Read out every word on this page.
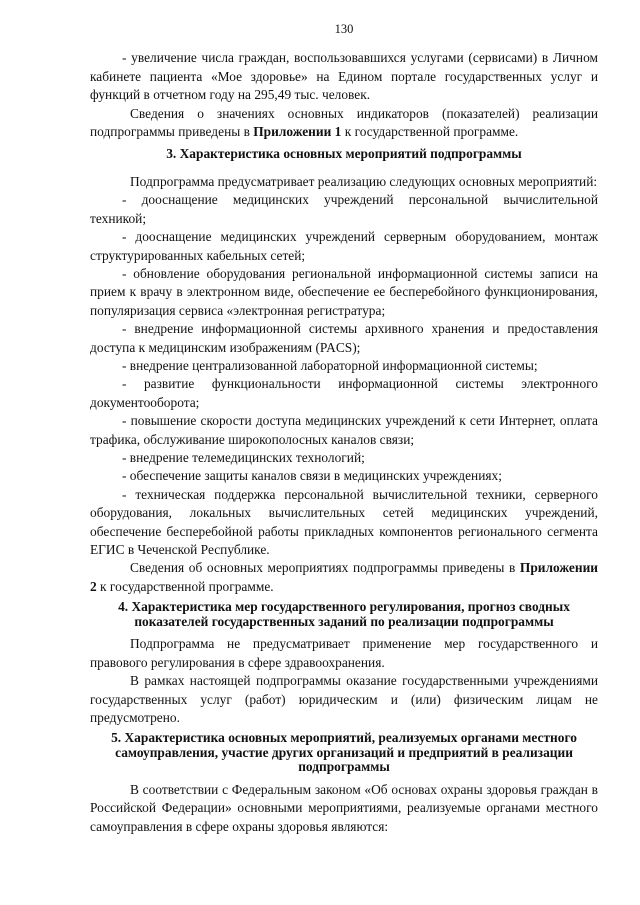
130

- увеличение числа граждан, воспользовавшихся услугами (сервисами) в Личном кабинете пациента «Мое здоровье» на Едином портале государственных услуг и функций в отчетном году на 295,49 тыс. человек.

Сведения о значениях основных индикаторов (показателей) реализации подпрограммы приведены в Приложении 1 к государственной программе.

3. Характеристика основных мероприятий подпрограммы

Подпрограмма предусматривает реализацию следующих основных мероприятий:

- дооснащение медицинских учреждений персональной вычислительной техникой;

- дооснащение медицинских учреждений серверным оборудованием, монтаж структурированных кабельных сетей;

- обновление оборудования региональной информационной системы записи на прием к врачу в электронном виде, обеспечение ее бесперебойного функционирования, популяризация сервиса «электронная регистратура;

- внедрение информационной системы архивного хранения и предоставления доступа к медицинским изображениям (PACS);

- внедрение централизованной лабораторной информационной системы;

- развитие функциональности информационной системы электронного документооборота;

- повышение скорости доступа медицинских учреждений к сети Интернет, оплата трафика, обслуживание широкополосных каналов связи;

- внедрение телемедицинских технологий;

- обеспечение защиты каналов связи в медицинских учреждениях;

- техническая поддержка персональной вычислительной техники, серверного оборудования, локальных вычислительных сетей медицинских учреждений, обеспечение бесперебойной работы прикладных компонентов регионального сегмента ЕГИС в Чеченской Республике.

Сведения об основных мероприятиях подпрограммы приведены в Приложении 2 к государственной программе.

4. Характеристика мер государственного регулирования, прогноз сводных показателей государственных заданий по реализации подпрограммы

Подпрограмма не предусматривает применение мер государственного и правового регулирования в сфере здравоохранения.

В рамках настоящей подпрограммы оказание государственными учреждениями государственных услуг (работ) юридическим и (или) физическим лицам не предусмотрено.

5. Характеристика основных мероприятий, реализуемых органами местного самоуправления, участие других организаций и предприятий в реализации подпрограммы

В соответствии с Федеральным законом «Об основах охраны здоровья граждан в Российской Федерации» основными мероприятиями, реализуемые органами местного самоуправления в сфере охраны здоровья являются:
